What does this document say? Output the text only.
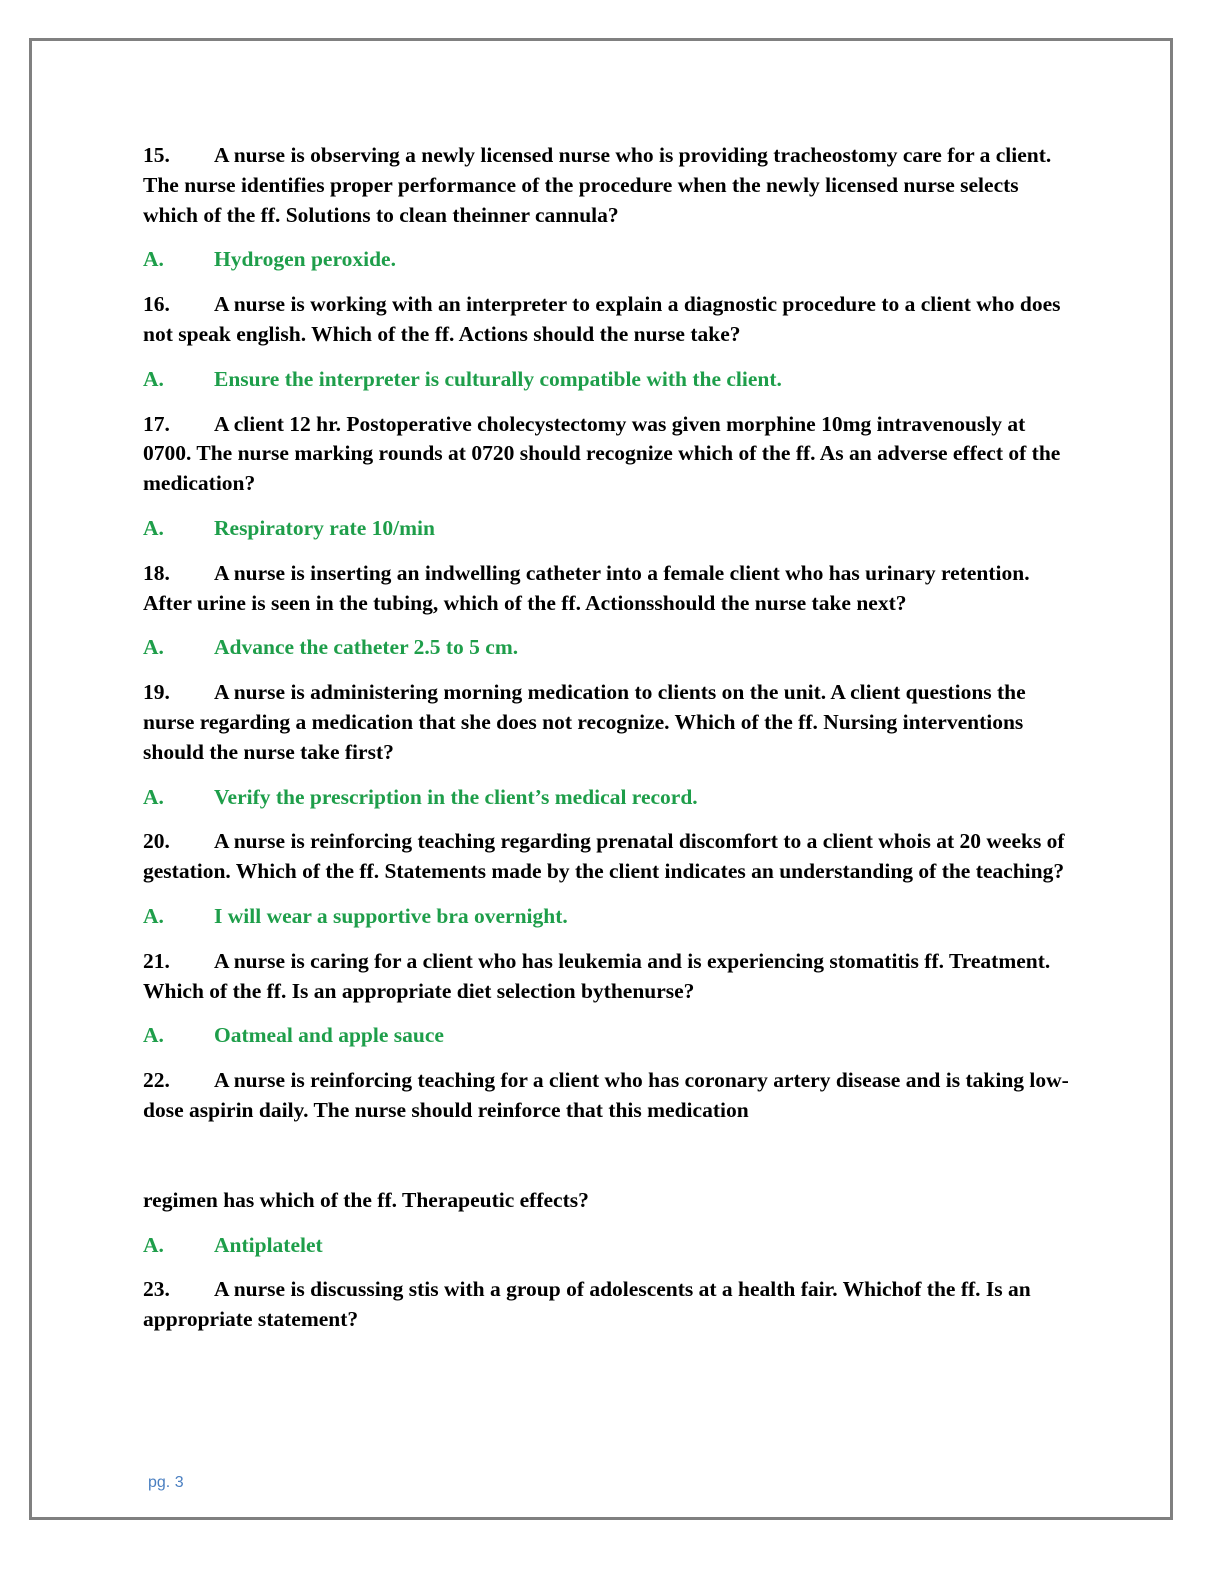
15. A nurse is observing a newly licensed nurse who is providing tracheostomy care for a client. The nurse identifies proper performance of the procedure when the newly licensed nurse selects which of the ff. Solutions to clean theinner cannula?

A. Hydrogen peroxide.

16. A nurse is working with an interpreter to explain a diagnostic procedure to a client who does not speak english. Which of the ff. Actions should the nurse take?

A. Ensure the interpreter is culturally compatible with the client.

17. A client 12 hr. Postoperative cholecystectomy was given morphine 10mg intravenously at 0700. The nurse marking rounds at 0720 should recognize which of the ff. As an adverse effect of the medication?

A. Respiratory rate 10/min

18. A nurse is inserting an indwelling catheter into a female client who has urinary retention. After urine is seen in the tubing, which of the ff. Actionsshould the nurse take next?

A. Advance the catheter 2.5 to 5 cm.

19. A nurse is administering morning medication to clients on the unit. A client questions the nurse regarding a medication that she does not recognize. Which of the ff. Nursing interventions should the nurse take first?

A. Verify the prescription in the client’s medical record.

20. A nurse is reinforcing teaching regarding prenatal discomfort to a client whois at 20 weeks of gestation. Which of the ff. Statements made by the client indicates an understanding of the teaching?

A. I will wear a supportive bra overnight.

21. A nurse is caring for a client who has leukemia and is experiencing stomatitis ff. Treatment. Which of the ff. Is an appropriate diet selection bythenurse?

A. Oatmeal and apple sauce

22. A nurse is reinforcing teaching for a client who has coronary artery disease and is taking low-dose aspirin daily. The nurse should reinforce that this medication

regimen has which of the ff. Therapeutic effects?

A. Antiplatelet

23. A nurse is discussing stis with a group of adolescents at a health fair. Whichof the ff. Is an appropriate statement?

pg. 3
